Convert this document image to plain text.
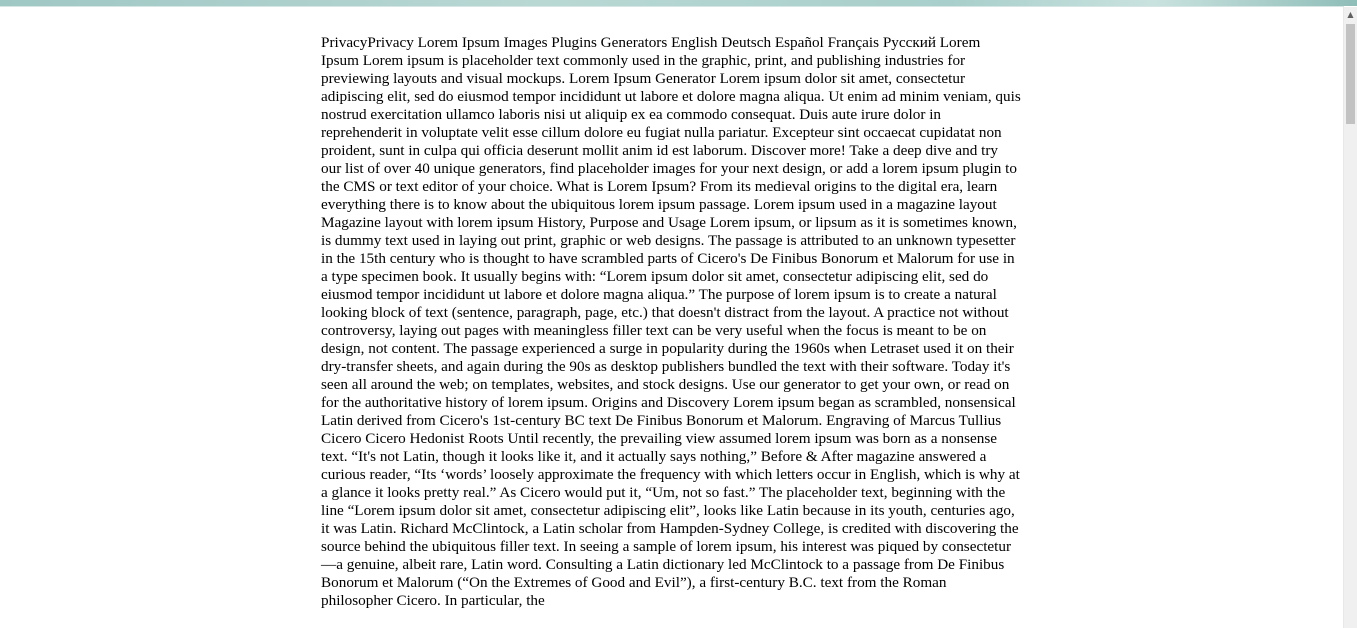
PrivacyPrivacy Lorem Ipsum Images Plugins Generators English Deutsch Español Français Русский Lorem Ipsum Lorem ipsum is placeholder text commonly used in the graphic, print, and publishing industries for previewing layouts and visual mockups. Lorem Ipsum Generator Lorem ipsum dolor sit amet, consectetur adipiscing elit, sed do eiusmod tempor incididunt ut labore et dolore magna aliqua. Ut enim ad minim veniam, quis nostrud exercitation ullamco laboris nisi ut aliquip ex ea commodo consequat. Duis aute irure dolor in reprehenderit in voluptate velit esse cillum dolore eu fugiat nulla pariatur. Excepteur sint occaecat cupidatat non proident, sunt in culpa qui officia deserunt mollit anim id est laborum. Discover more! Take a deep dive and try our list of over 40 unique generators, find placeholder images for your next design, or add a lorem ipsum plugin to the CMS or text editor of your choice. What is Lorem Ipsum? From its medieval origins to the digital era, learn everything there is to know about the ubiquitous lorem ipsum passage. Lorem ipsum used in a magazine layout Magazine layout with lorem ipsum History, Purpose and Usage Lorem ipsum, or lipsum as it is sometimes known, is dummy text used in laying out print, graphic or web designs. The passage is attributed to an unknown typesetter in the 15th century who is thought to have scrambled parts of Cicero's De Finibus Bonorum et Malorum for use in a type specimen book. It usually begins with: “Lorem ipsum dolor sit amet, consectetur adipiscing elit, sed do eiusmod tempor incididunt ut labore et dolore magna aliqua.” The purpose of lorem ipsum is to create a natural looking block of text (sentence, paragraph, page, etc.) that doesn't distract from the layout. A practice not without controversy, laying out pages with meaningless filler text can be very useful when the focus is meant to be on design, not content. The passage experienced a surge in popularity during the 1960s when Letraset used it on their dry-transfer sheets, and again during the 90s as desktop publishers bundled the text with their software. Today it's seen all around the web; on templates, websites, and stock designs. Use our generator to get your own, or read on for the authoritative history of lorem ipsum. Origins and Discovery Lorem ipsum began as scrambled, nonsensical Latin derived from Cicero's 1st-century BC text De Finibus Bonorum et Malorum. Engraving of Marcus Tullius Cicero Cicero Hedonist Roots Until recently, the prevailing view assumed lorem ipsum was born as a nonsense text. “It's not Latin, though it looks like it, and it actually says nothing,” Before & After magazine answered a curious reader, “Its ‘words’ loosely approximate the frequency with which letters occur in English, which is why at a glance it looks pretty real.” As Cicero would put it, “Um, not so fast.” The placeholder text, beginning with the line “Lorem ipsum dolor sit amet, consectetur adipiscing elit”, looks like Latin because in its youth, centuries ago, it was Latin. Richard McClintock, a Latin scholar from Hampden-Sydney College, is credited with discovering the source behind the ubiquitous filler text. In seeing a sample of lorem ipsum, his interest was piqued by consectetur—a genuine, albeit rare, Latin word. Consulting a Latin dictionary led McClintock to a passage from De Finibus Bonorum et Malorum (“On the Extremes of Good and Evil”), a first-century B.C. text from the Roman philosopher Cicero. In particular, the

▲
